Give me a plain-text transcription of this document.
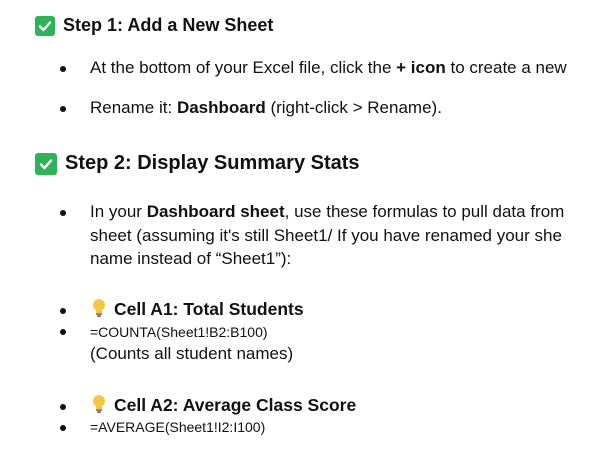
Step 1: Add a New Sheet
At the bottom of your Excel file, click the + icon to create a new
Rename it: Dashboard (right-click > Rename).
Step 2: Display Summary Stats
In your Dashboard sheet, use these formulas to pull data from
sheet (assuming it's still Sheet1/ If you have renamed your she
name instead of “Sheet1”):
Cell A1: Total Students
=COUNTA(Sheet1!B2:B100)
(Counts all student names)
Cell A2: Average Class Score
=AVERAGE(Sheet1!I2:I100)
